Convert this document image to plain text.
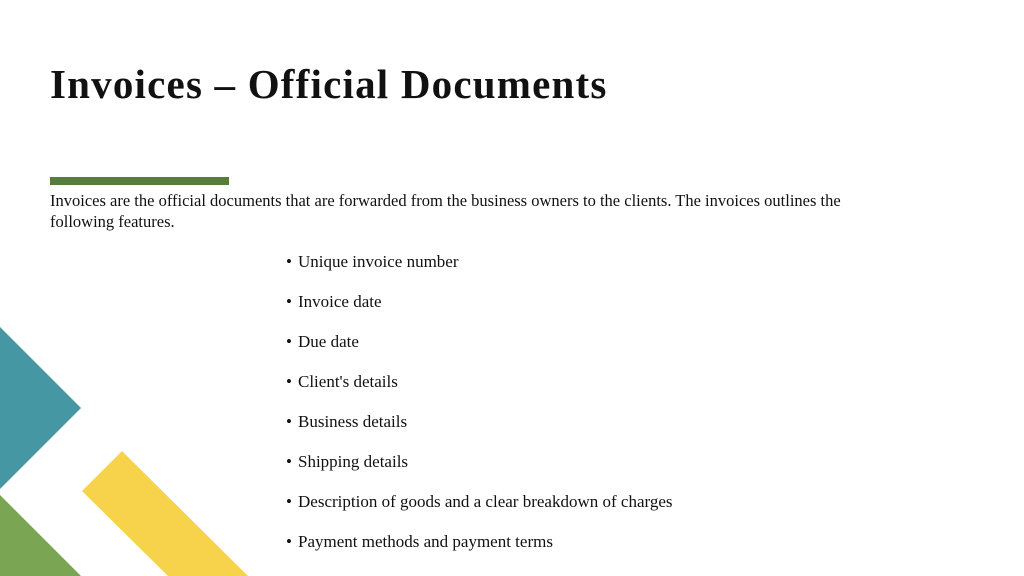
Invoices – Official Documents

Invoices are the official documents that are forwarded from the business owners to the clients. The invoices outlines the following features.

• Unique invoice number
• Invoice date
• Due date
• Client's details
• Business details
• Shipping details
• Description of goods and a clear breakdown of charges
• Payment methods and payment terms
